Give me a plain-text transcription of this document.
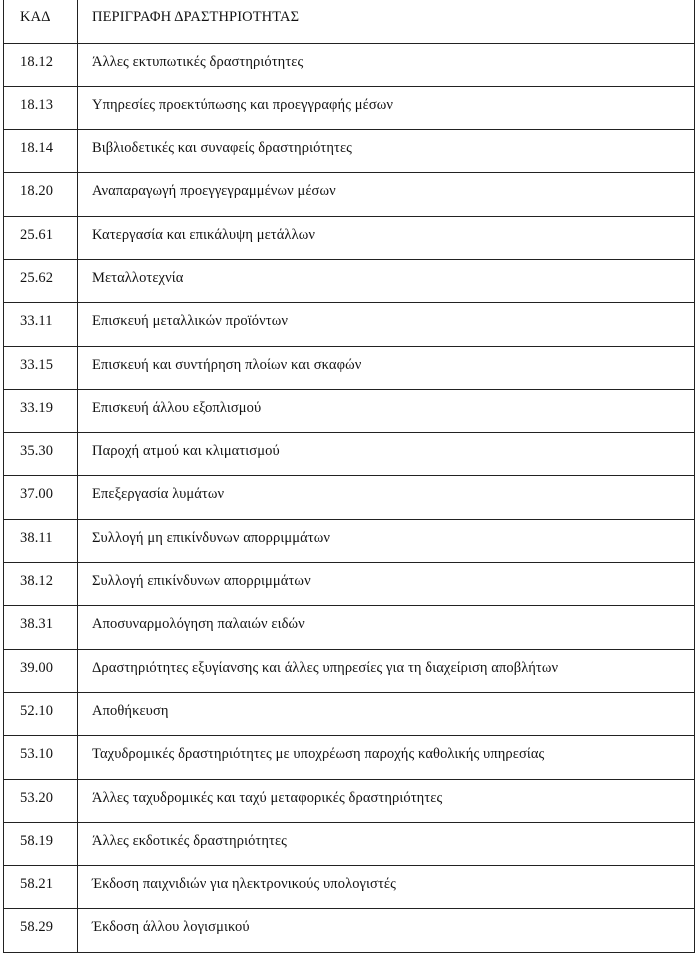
ΚΑΔ	ΠΕΡΙΓΡΑΦΗ ΔΡΑΣΤΗΡΙΟΤΗΤΑΣ

18.12	Άλλες εκτυπωτικές δραστηριότητες

18.13	Υπηρεσίες προεκτύπωσης και προεγγραφής μέσων

18.14	Βιβλιοδετικές και συναφείς δραστηριότητες

18.20	Αναπαραγωγή προεγγεγραμμένων μέσων

25.61	Κατεργασία και επικάλυψη μετάλλων

25.62	Μεταλλοτεχνία

33.11	Επισκευή μεταλλικών προϊόντων

33.15	Επισκευή και συντήρηση πλοίων και σκαφών

33.19	Επισκευή άλλου εξοπλισμού

35.30	Παροχή ατμού και κλιματισμού

37.00	Επεξεργασία λυμάτων

38.11	Συλλογή μη επικίνδυνων απορριμμάτων

38.12	Συλλογή επικίνδυνων απορριμμάτων

38.31	Αποσυναρμολόγηση παλαιών ειδών

39.00	Δραστηριότητες εξυγίανσης και άλλες υπηρεσίες για τη διαχείριση αποβλήτων

52.10	Αποθήκευση

53.10	Ταχυδρομικές δραστηριότητες με υποχρέωση παροχής καθολικής υπηρεσίας

53.20	Άλλες ταχυδρομικές και ταχύ μεταφορικές δραστηριότητες

58.19	Άλλες εκδοτικές δραστηριότητες

58.21	Έκδοση παιχνιδιών για ηλεκτρονικούς υπολογιστές

58.29	Έκδοση άλλου λογισμικού
